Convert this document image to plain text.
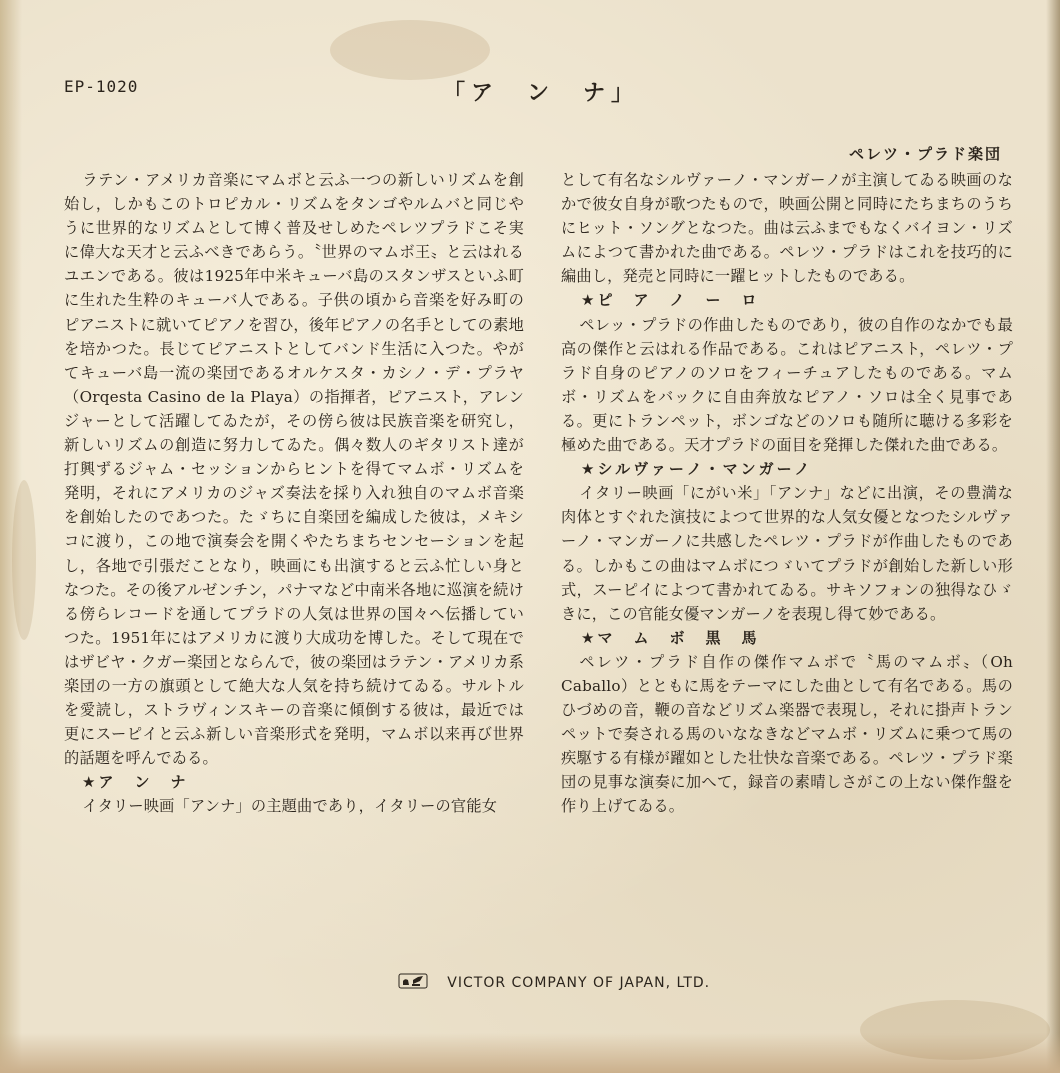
EP-1020	「ア　ン　ナ」
ペレツ・プラド楽団

ラテン・アメリカ音楽にマムボと云ふ一つの新しいリズムを創始し，しかもこのトロピカル・リズムをタンゴやルムバと同じやうに世界的なリズムとして博く普及せしめたペレツプラドこそ実に偉大な天才と云ふべきであらう。〝世界のマムボ王〟と云はれるユエンである。彼は1925年中米キューバ島のスタンザスといふ町に生れた生粋のキューバ人である。子供の頃から音楽を好み町のピアニストに就いてピアノを習ひ，後年ピアノの名手としての素地を培かつた。長じてピアニストとしてバンド生活に入つた。やがてキューバ島一流の楽団であるオルケスタ・カシノ・デ・プラヤ（Orqesta Casino de la Playa）の指揮者，ピアニスト，アレンジャーとして活躍してゐたが，その傍ら彼は民族音楽を研究し，新しいリズムの創造に努力してゐた。偶々数人のギタリスト達が打興ずるジャム・セッションからヒントを得てマムボ・リズムを発明，それにアメリカのジャズ奏法を採り入れ独自のマムボ音楽を創始したのであつた。たゞちに自楽団を編成した彼は，メキシコに渡り，この地で演奏会を開くやたちまちセンセーションを起し，各地で引張だことなり，映画にも出演すると云ふ忙しい身となつた。その後アルゼンチン，パナマなど中南米各地に巡演を続ける傍らレコードを通してプラドの人気は世界の国々へ伝播していつた。1951年にはアメリカに渡り大成功を博した。そして現在ではザビヤ・クガー楽団とならんで，彼の楽団はラテン・アメリカ系楽団の一方の旗頭として絶大な人気を持ち続けてゐる。サルトルを愛読し，ストラヴィンスキーの音楽に傾倒する彼は，最近では更にスーピイと云ふ新しい音楽形式を発明，マムボ以来再び世界的話題を呼んでゐる。

★ア　ン　ナ

イタリー映画「アンナ」の主題曲であり，イタリーの官能女

として有名なシルヴァーノ・マンガーノが主演してゐる映画のなかで彼女自身が歌つたもので，映画公開と同時にたちまちのうちにヒット・ソングとなつた。曲は云ふまでもなくバイヨン・リズムによつて書かれた曲である。ペレツ・プラドはこれを技巧的に編曲し，発売と同時に一躍ヒットしたものである。

★ピ　ア　ノ　ー　ロ

ペレッ・プラドの作曲したものであり，彼の自作のなかでも最高の傑作と云はれる作品である。これはピアニスト，ペレツ・プラド自身のピアノのソロをフィーチュアしたものである。マムボ・リズムをバックに自由奔放なピアノ・ソロは全く見事である。更にトランペット，ボンゴなどのソロも随所に聴ける多彩を極めた曲である。天才プラドの面目を発揮した傑れた曲である。

★シルヴァーノ・マンガーノ

イタリー映画「にがい米」「アンナ」などに出演，その豊満な肉体とすぐれた演技によつて世界的な人気女優となつたシルヴァーノ・マンガーノに共感したペレツ・プラドが作曲したものである。しかもこの曲はマムボにつゞいてプラドが創始した新しい形式，スーピイによつて書かれてゐる。サキソフォンの独得なひゞきに，この官能女優マンガーノを表現し得て妙である。

★マ　ム　ボ　黒　馬

ペレツ・プラド自作の傑作マムボで〝馬のマムボ〟（Oh Caballo）とともに馬をテーマにした曲として有名である。馬のひづめの音，鞭の音などリズム楽器で表現し，それに掛声トランペットで奏される馬のいななきなどマムボ・リズムに乗つて馬の疾駆する有様が躍如とした壮快な音楽である。ペレツ・プラド楽団の見事な演奏に加へて，録音の素晴しさがこの上ない傑作盤を作り上げてゐる。

VICTOR COMPANY OF JAPAN, LTD.
